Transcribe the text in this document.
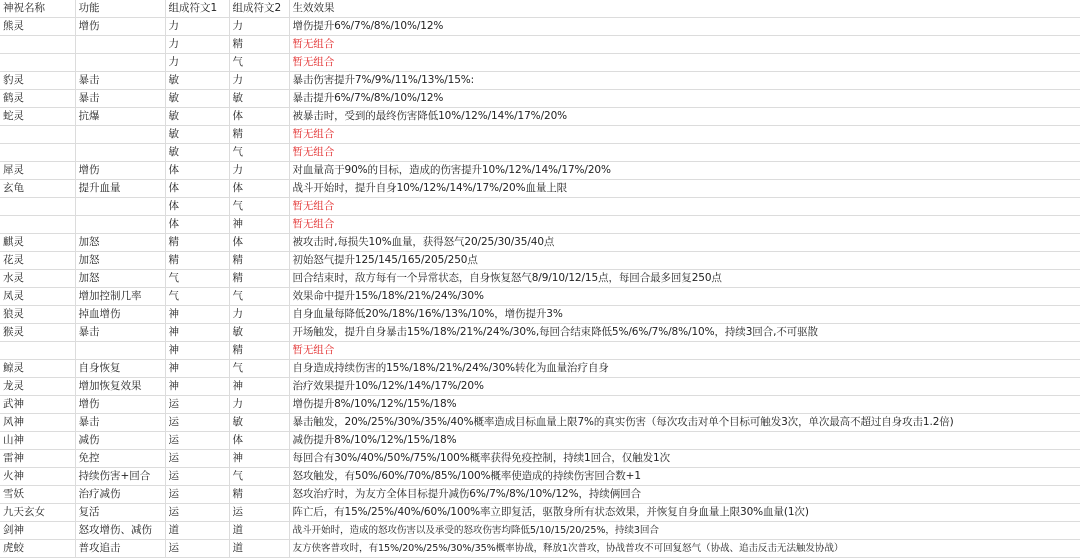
神祝名称	功能	组成符文1	组成符文2	生效效果
熊灵	增伤	力	力	增伤提升6%/7%/8%/10%/12%
		力	精	暂无组合
		力	气	暂无组合
豹灵	暴击	敏	力	暴击伤害提升7%/9%/11%/13%/15%:
鹤灵	暴击	敏	敏	暴击提升6%/7%/8%/10%/12%
蛇灵	抗爆	敏	体	被暴击时，受到的最终伤害降低10%/12%/14%/17%/20%
		敏	精	暂无组合
		敏	气	暂无组合
犀灵	增伤	体	力	对血量高于90%的目标，造成的伤害提升10%/12%/14%/17%/20%
玄龟	提升血量	体	体	战斗开始时，提升自身10%/12%/14%/17%/20%血量上限
		体	气	暂无组合
		体	神	暂无组合
麒灵	加怒	精	体	被攻击时,每损失10%血量，获得怒气20/25/30/35/40点
花灵	加怒	精	精	初始怒气提升125/145/165/205/250点
水灵	加怒	气	精	回合结束时，敌方每有一个异常状态，自身恢复怒气8/9/10/12/15点，每回合最多回复250点
凤灵	增加控制几率	气	气	效果命中提升15%/18%/21%/24%/30%
狼灵	掉血增伤	神	力	自身血量每降低20%/18%/16%/13%/10%，增伤提升3%
猴灵	暴击	神	敏	开场触发，提升自身暴击15%/18%/21%/24%/30%,每回合结束降低5%/6%/7%/8%/10%，持续3回合,不可驱散
		神	精	暂无组合
鲸灵	自身恢复	神	气	自身造成持续伤害的15%/18%/21%/24%/30%转化为血量治疗自身
龙灵	增加恢复效果	神	神	治疗效果提升10%/12%/14%/17%/20%
武神	增伤	运	力	增伤提升8%/10%/12%/15%/18%
风神	暴击	运	敏	暴击触发，20%/25%/30%/35%/40%概率造成目标血量上限7%的真实伤害（每次攻击对单个目标可触发3次，单次最高不超过自身攻击1.2倍)
山神	减伤	运	体	减伤提升8%/10%/12%/15%/18%
雷神	免控	运	神	每回合有30%/40%/50%/75%/100%概率获得免疫控制，持续1回合，仅触发1次
火神	持续伤害+回合	运	气	怒攻触发，有50%/60%/70%/85%/100%概率使造成的持续伤害回合数+1
雪妖	治疗减伤	运	精	怒攻治疗时，为友方全体目标提升减伤6%/7%/8%/10%/12%，持续俩回合
九天玄女	复活	运	运	阵亡后，有15%/25%/40%/60%/100%率立即复活，驱散身所有状态效果，并恢复自身血量上限30%血量(1次)
剑神	怒攻增伤、减伤	道	道	战斗开始时，造成的怒攻伤害以及承受的怒攻伤害均降低5/10/15/20/25%，持续3回合
虎蛟	普攻追击	运	道	友方侠客普攻时，有15%/20%/25%/30%/35%概率协战，释放1次普攻，协战普攻不可回复怒气（协战、追击反击无法触发协战）
